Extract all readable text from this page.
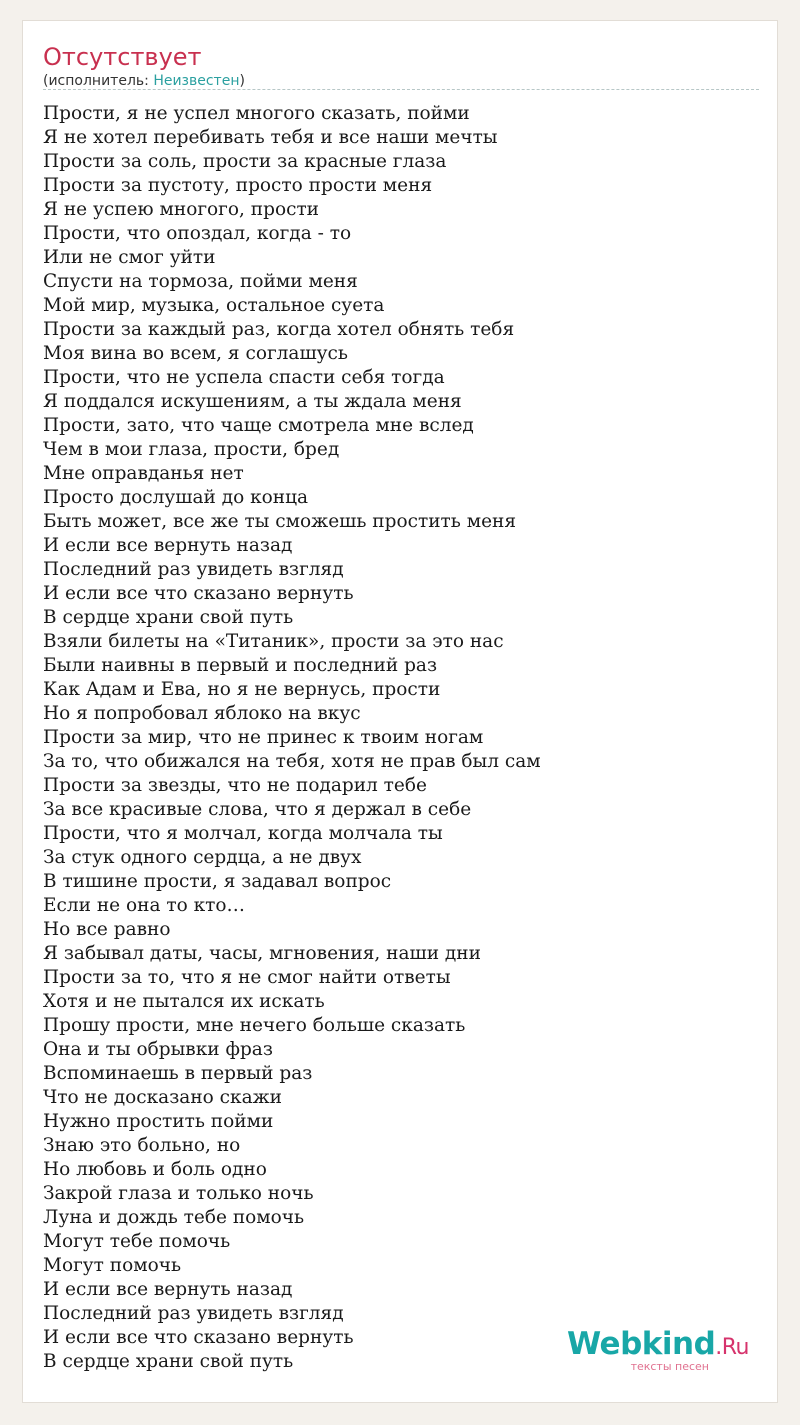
Отсутствует
(исполнитель: Неизвестен)
Прости, я не успел многого сказать, пойми
Я не хотел перебивать тебя и все наши мечты
Прости за соль, прости за красные глаза
Прости за пустоту, просто прости меня
Я не успею многого, прости
Прости, что опоздал, когда - то
Или не смог уйти
Спусти на тормоза, пойми меня
Мой мир, музыка, остальное суета
Прости за каждый раз, когда хотел обнять тебя
Моя вина во всем, я соглашусь
Прости, что не успела спасти себя тогда
Я поддался искушениям, а ты ждала меня
Прости, зато, что чаще смотрела мне вслед
Чем в мои глаза, прости, бред
Мне оправданья нет
Просто дослушай до конца
Быть может, все же ты сможешь простить меня
И если все вернуть назад
Последний раз увидеть взгляд
И если все что сказано вернуть
В сердце храни свой путь
Взяли билеты на «Титаник», прости за это нас
Были наивны в первый и последний раз
Как Адам и Ева, но я не вернусь, прости
Но я попробовал яблоко на вкус
Прости за мир, что не принес к твоим ногам
За то, что обижался на тебя, хотя не прав был сам
Прости за звезды, что не подарил тебе
За все красивые слова, что я держал в себе
Прости, что я молчал, когда молчала ты
За стук одного сердца, а не двух
В тишине прости, я задавал вопрос
Если не она то кто…
Но все равно
Я забывал даты, часы, мгновения, наши дни
Прости за то, что я не смог найти ответы
Хотя и не пытался их искать
Прошу прости, мне нечего больше сказать
Она и ты обрывки фраз
Вспоминаешь в первый раз
Что не досказано скажи
Нужно простить пойми
Знаю это больно, но
Но любовь и боль одно
Закрой глаза и только ночь
Луна и дождь тебе помочь
Могут тебе помочь
Могут помочь
И если все вернуть назад
Последний раз увидеть взгляд
И если все что сказано вернуть
В сердце храни свой путь	Webkind.Ru
тексты песен
